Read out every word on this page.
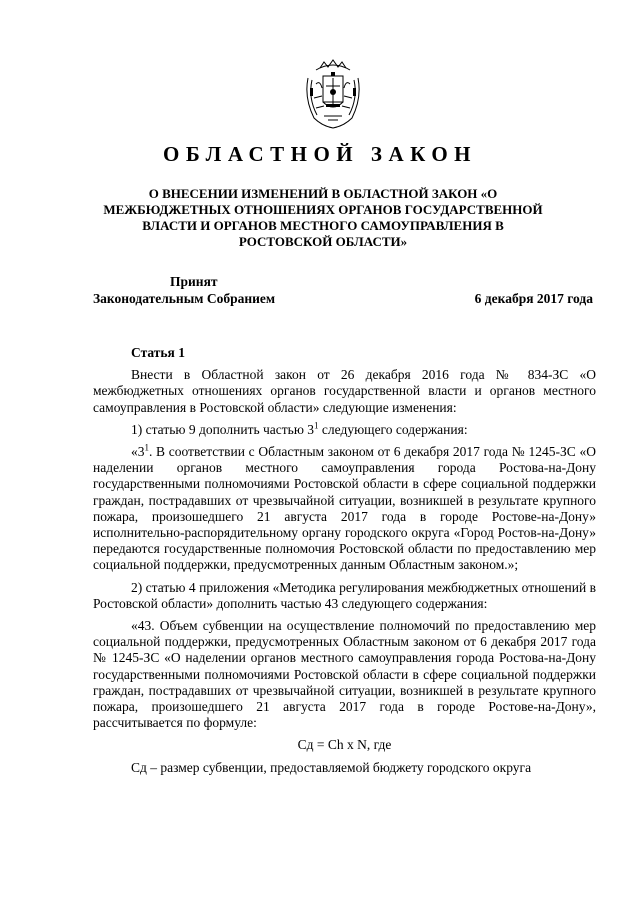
ОБЛАСТНОЙ ЗАКОН
О ВНЕСЕНИИ ИЗМЕНЕНИЙ В ОБЛАСТНОЙ ЗАКОН «О МЕЖБЮДЖЕТНЫХ ОТНОШЕНИЯХ ОРГАНОВ ГОСУДАРСТВЕННОЙ ВЛАСТИ И ОРГАНОВ МЕСТНОГО САМОУПРАВЛЕНИЯ В РОСТОВСКОЙ ОБЛАСТИ»
Принят
Законодательным Собранием	6 декабря 2017 года
Статья 1

Внести в Областной закон от 26 декабря 2016 года № 834-ЗС «О межбюджетных отношениях органов государственной власти и органов местного самоуправления в Ростовской области» следующие изменения:

1) статью 9 дополнить частью $3^1$ следующего содержания:

«$3^1$. В соответствии с Областным законом от 6 декабря 2017 года № 1245-ЗС «О наделении органов местного самоуправления города Ростова-на-Дону государственными полномочиями Ростовской области в сфере социальной поддержки граждан, пострадавших от чрезвычайной ситуации, возникшей в результате крупного пожара, произошедшего 21 августа 2017 года в городе Ростове-на-Дону» исполнительно-распорядительному органу городского округа «Город Ростов-на-Дону» передаются государственные полномочия Ростовской области по предоставлению мер социальной поддержки, предусмотренных данным Областным законом.»;

2) статью 4 приложения «Методика регулирования межбюджетных отношений в Ростовской области» дополнить частью 43 следующего содержания:

«43. Объем субвенции на осуществление полномочий по предоставлению мер социальной поддержки, предусмотренных Областным законом от 6 декабря 2017 года № 1245-ЗС «О наделении органов местного самоуправления города Ростова-на-Дону государственными полномочиями Ростовской области в сфере социальной поддержки граждан, пострадавших от чрезвычайной ситуации, возникшей в результате крупного пожара, произошедшего 21 августа 2017 года в городе Ростове-на-Дону», рассчитывается по формуле:

Сд = Ch x N, где

Сд – размер субвенции, предоставляемой бюджету городского округа
